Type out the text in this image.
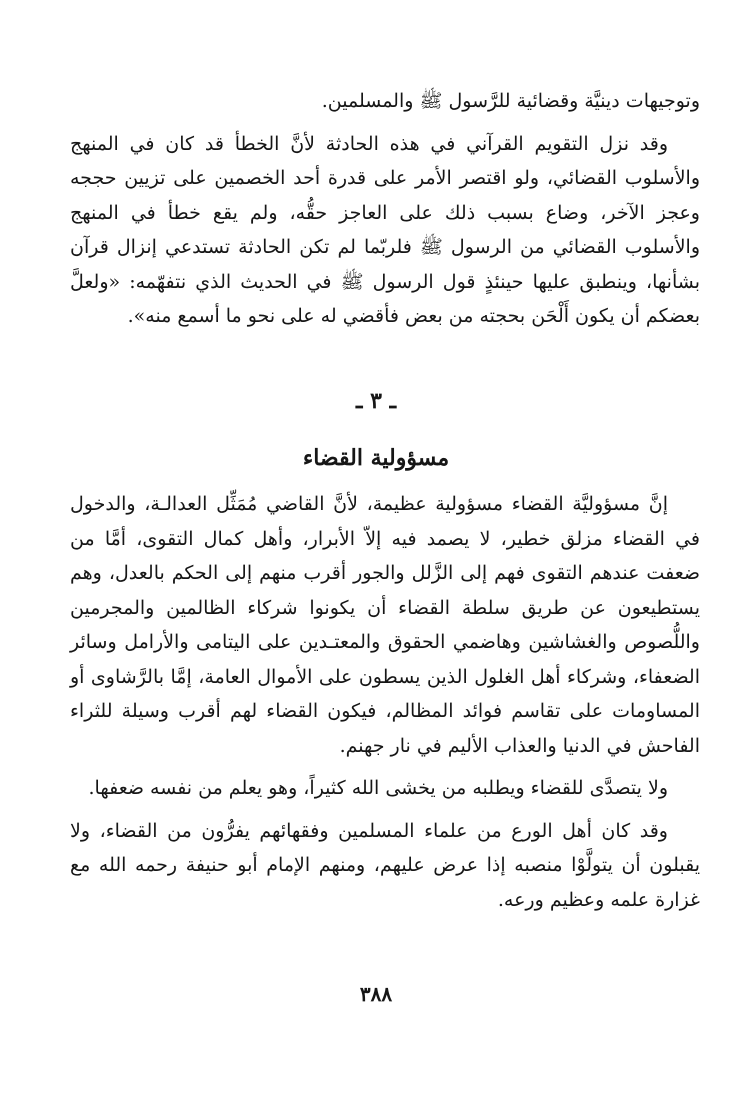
وتوجيهات دينيَّة وقضائية للرَّسول ﷺ والمسلمين.

وقد نزل التقويم القرآني في هذه الحادثة لأنَّ الخطأ قد كان في المنهج والأسلوب القضائي، ولو اقتصر الأمر على قدرة أحد الخصمين على تزيين حججه وعجز الآخر، وضاع بسبب ذلك على العاجز حقُّه، ولم يقع خطأ في المنهج والأسلوب القضائي من الرسول ﷺ فلربّما لم تكن الحادثة تستدعي إنزال قرآن بشأنها، وينطبق عليها حينئذٍ قول الرسول ﷺ في الحديث الذي نتفهّمه: «ولعلَّ بعضكم أن يكون أَلْحَن بحجته من بعض فأقضي له على نحو ما أسمع منه».

ـ ٣ ـ
مسؤولية القضاء

إنَّ مسؤوليَّة القضاء مسؤولية عظيمة، لأنَّ القاضي مُمَثِّل العدالـة، والدخول في القضاء مزلق خطير، لا يصمد فيه إلاّ الأبرار، وأهل كمال التقوى، أمَّا من ضعفت عندهم التقوى فهم إلى الزَّلل والجور أقرب منهم إلى الحكم بالعدل، وهم يستطيعون عن طريق سلطة القضاء أن يكونوا شركاء الظالمين والمجرمين واللُّصوص والغشاشين وهاضمي الحقوق والمعتـدين على اليتامى والأرامل وسائر الضعفاء، وشركاء أهل الغلول الذين يسطون على الأموال العامة، إمَّا بالرَّشاوى أو المساومات على تقاسم فوائد المظالم، فيكون القضاء لهم أقرب وسيلة للثراء الفاحش في الدنيا والعذاب الأليم في نار جهنم.

ولا يتصدَّى للقضاء ويطلبه من يخشى الله كثيراً، وهو يعلم من نفسه ضعفها.

وقد كان أهل الورع من علماء المسلمين وفقهائهم يفرُّون من القضاء، ولا يقبلون أن يتولَّوْا منصبه إذا عرض عليهم، ومنهم الإمام أبو حنيفة رحمه الله مع غزارة علمه وعظيم ورعه.

٣٨٨
